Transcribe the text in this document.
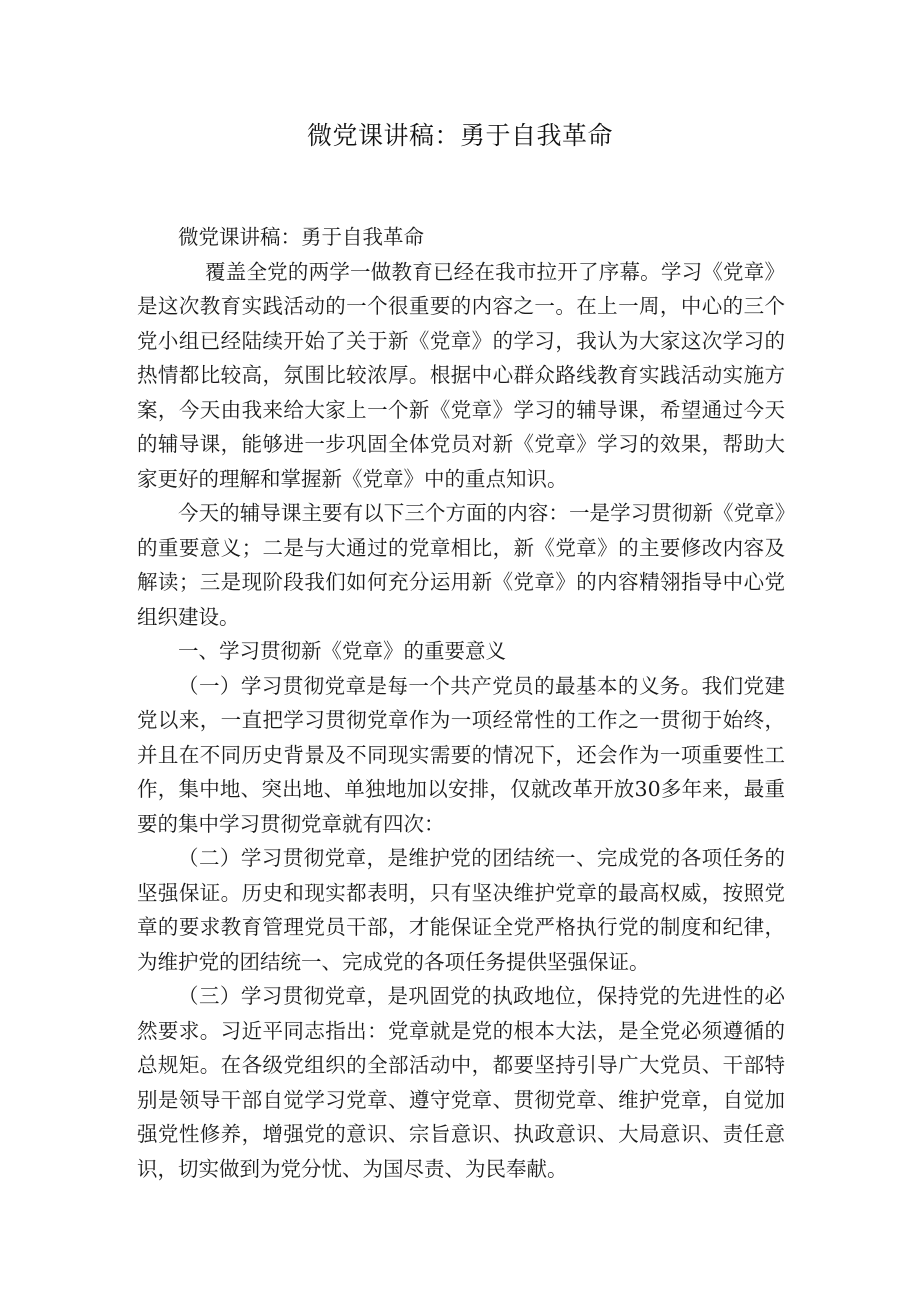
微党课讲稿：勇于自我革命

微党课讲稿：勇于自我革命

覆盖全党的两学一做教育已经在我市拉开了序幕。学习《党章》是这次教育实践活动的一个很重要的内容之一。在上一周，中心的三个党小组已经陆续开始了关于新《党章》的学习，我认为大家这次学习的热情都比较高，氛围比较浓厚。根据中心群众路线教育实践活动实施方案，今天由我来给大家上一个新《党章》学习的辅导课，希望通过今天的辅导课，能够进一步巩固全体党员对新《党章》学习的效果，帮助大家更好的理解和掌握新《党章》中的重点知识。

今天的辅导课主要有以下三个方面的内容：一是学习贯彻新《党章》的重要意义；二是与大通过的党章相比，新《党章》的主要修改内容及解读；三是现阶段我们如何充分运用新《党章》的内容精翎指导中心党组织建设。

一、学习贯彻新《党章》的重要意义

（一）学习贯彻党章是每一个共产党员的最基本的义务。我们党建党以来，一直把学习贯彻党章作为一项经常性的工作之一贯彻于始终，并且在不同历史背景及不同现实需要的情况下，还会作为一项重要性工作，集中地、突出地、单独地加以安排，仅就改革开放30多年来，最重要的集中学习贯彻党章就有四次：

（二）学习贯彻党章，是维护党的团结统一、完成党的各项任务的坚强保证。历史和现实都表明，只有坚决维护党章的最高权威，按照党章的要求教育管理党员干部，才能保证全党严格执行党的制度和纪律，为维护党的团结统一、完成党的各项任务提供坚强保证。

（三）学习贯彻党章，是巩固党的执政地位，保持党的先进性的必然要求。习近平同志指出：党章就是党的根本大法，是全党必须遵循的总规矩。在各级党组织的全部活动中，都要坚持引导广大党员、干部特别是领导干部自觉学习党章、遵守党章、贯彻党章、维护党章，自觉加强党性修养，增强党的意识、宗旨意识、执政意识、大局意识、责任意识，切实做到为党分忧、为国尽责、为民奉献。
